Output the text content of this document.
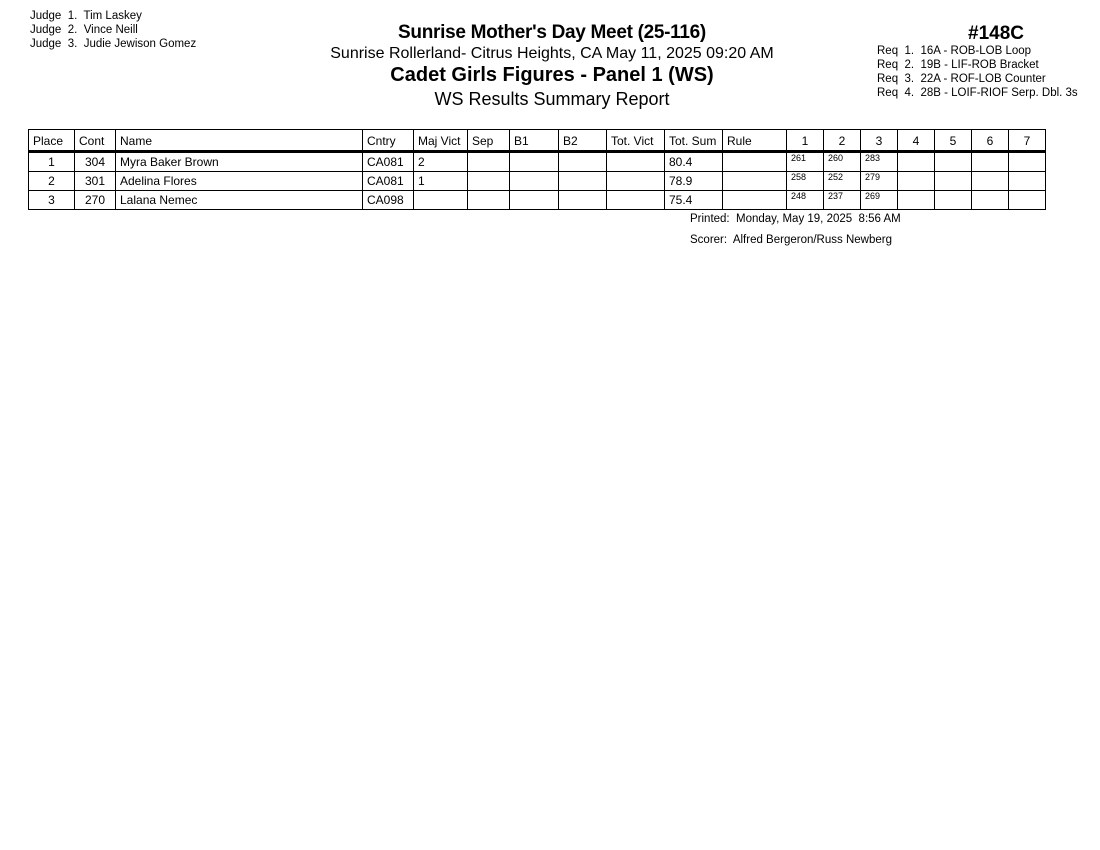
Judge  1.  Tim Laskey
Judge  2.  Vince Neill
Judge  3.  Judie Jewison Gomez
Sunrise Mother's Day Meet (25-116)
Sunrise Rollerland- Citrus Heights, CA May 11, 2025 09:20 AM
Cadet Girls Figures - Panel 1 (WS)
WS Results Summary Report
#148C
Req  1.  16A - ROB-LOB Loop
Req  2.  19B - LIF-ROB Bracket
Req  3.  22A - ROF-LOB Counter
Req  4.  28B - LOIF-RIOF Serp. Dbl. 3s
Place	Cont	Name	Cntry	Maj Vict	Sep	B1	B2	Tot. Vict	Tot. Sum	Rule	1	2	3	4	5	6	7
1	304	Myra Baker Brown	CA081	2					80.4		261	260	283				
2	301	Adelina Flores	CA081	1					78.9		258	252	279				
3	270	Lalana Nemec	CA098						75.4		248	237	269				
Printed:  Monday, May 19, 2025  8:56 AM
Scorer:  Alfred Bergeron/Russ Newberg
